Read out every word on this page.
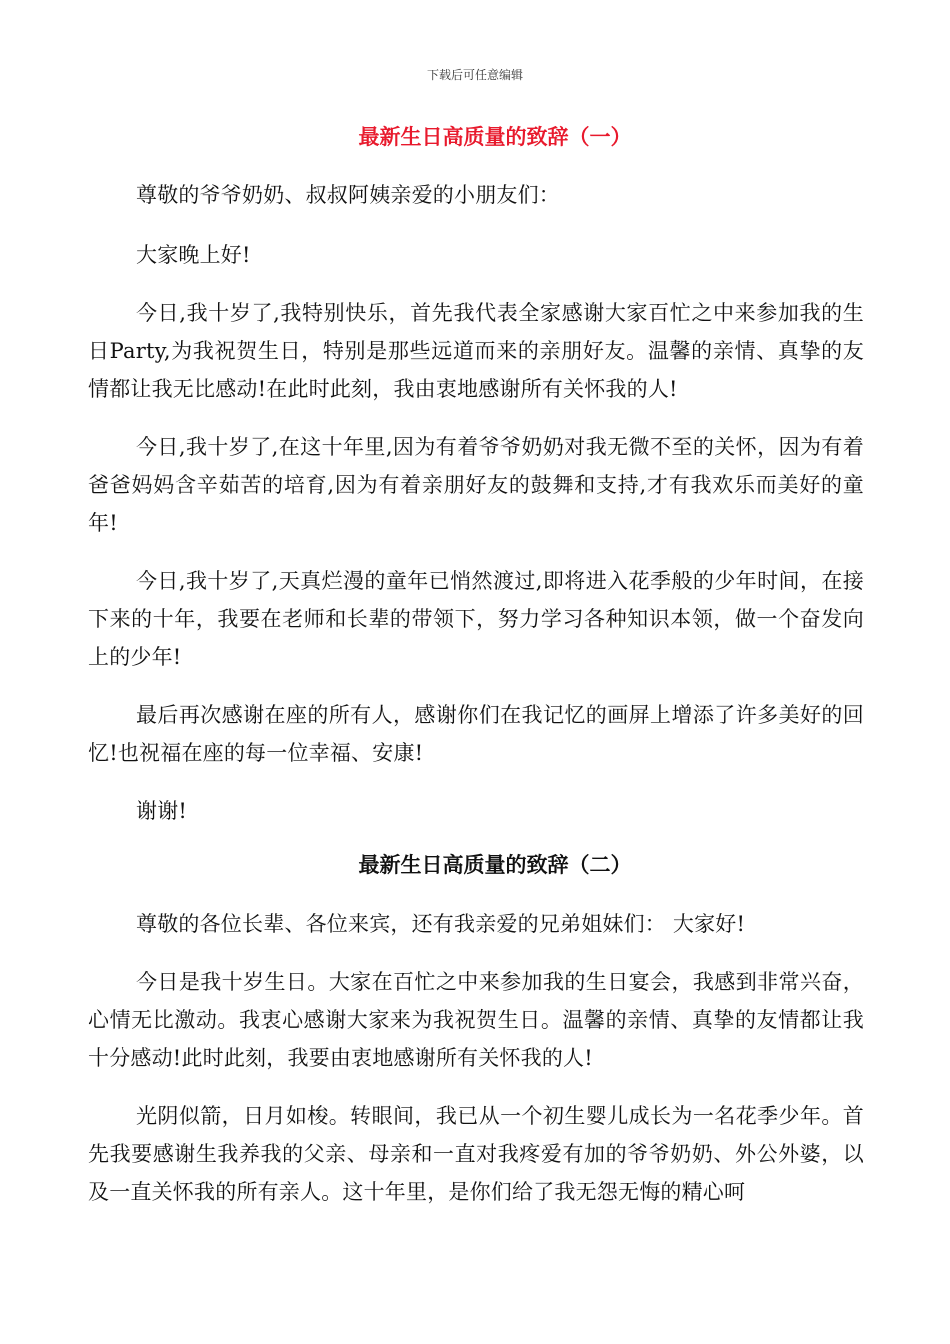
下载后可任意编辑
最新生日高质量的致辞（一）

尊敬的爷爷奶奶、叔叔阿姨亲爱的小朋友们：

大家晚上好!

今日,我十岁了,我特别快乐，首先我代表全家感谢大家百忙之中来参加我的生日Party,为我祝贺生日，特别是那些远道而来的亲朋好友。温馨的亲情、真挚的友情都让我无比感动!在此时此刻，我由衷地感谢所有关怀我的人!

今日,我十岁了,在这十年里,因为有着爷爷奶奶对我无微不至的关怀，因为有着爸爸妈妈含辛茹苦的培育,因为有着亲朋好友的鼓舞和支持,才有我欢乐而美好的童年!

今日,我十岁了,天真烂漫的童年已悄然渡过,即将进入花季般的少年时间，在接下来的十年，我要在老师和长辈的带领下，努力学习各种知识本领，做一个奋发向上的少年!

最后再次感谢在座的所有人，感谢你们在我记忆的画屏上增添了许多美好的回忆!也祝福在座的每一位幸福、安康!

谢谢!

最新生日高质量的致辞（二）

尊敬的各位长辈、各位来宾，还有我亲爱的兄弟姐妹们： 大家好!

今日是我十岁生日。大家在百忙之中来参加我的生日宴会，我感到非常兴奋，心情无比激动。我衷心感谢大家来为我祝贺生日。温馨的亲情、真挚的友情都让我十分感动!此时此刻，我要由衷地感谢所有关怀我的人!

光阴似箭，日月如梭。转眼间，我已从一个初生婴儿成长为一名花季少年。首先我要感谢生我养我的父亲、母亲和一直对我疼爱有加的爷爷奶奶、外公外婆，以及一直关怀我的所有亲人。这十年里，是你们给了我无怨无悔的精心呵
